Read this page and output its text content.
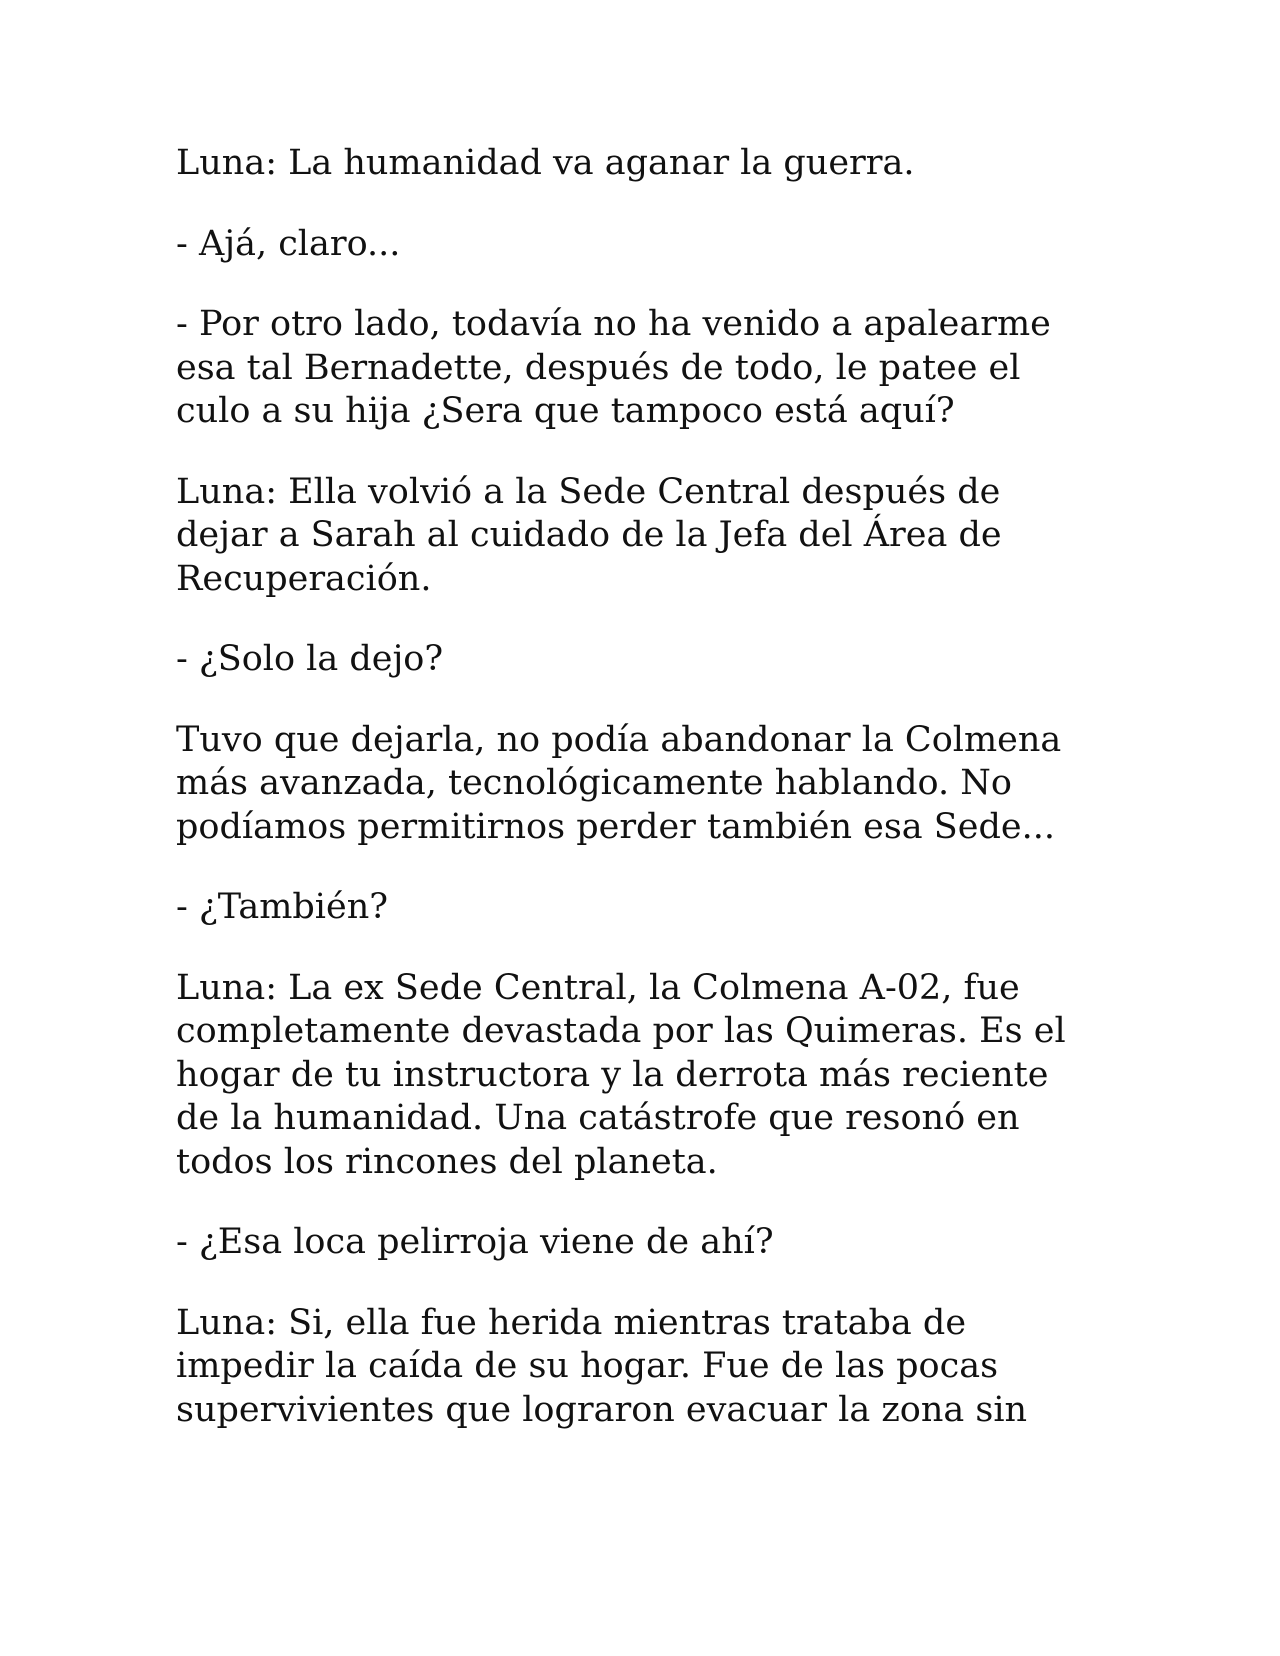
Luna: La humanidad va aganar la guerra.

- Ajá, claro...

- Por otro lado, todavía no ha venido a apalearme
esa tal Bernadette, después de todo, le patee el
culo a su hija ¿Sera que tampoco está aquí?

Luna: Ella volvió a la Sede Central después de
dejar a Sarah al cuidado de la Jefa del Área de
Recuperación.

- ¿Solo la dejo?

Tuvo que dejarla, no podía abandonar la Colmena
más avanzada, tecnológicamente hablando. No
podíamos permitirnos perder también esa Sede...

- ¿También?

Luna: La ex Sede Central, la Colmena A-02, fue
completamente devastada por las Quimeras. Es el
hogar de tu instructora y la derrota más reciente
de la humanidad. Una catástrofe que resonó en
todos los rincones del planeta.

- ¿Esa loca pelirroja viene de ahí?

Luna: Si, ella fue herida mientras trataba de
impedir la caída de su hogar. Fue de las pocas
supervivientes que lograron evacuar la zona sin
